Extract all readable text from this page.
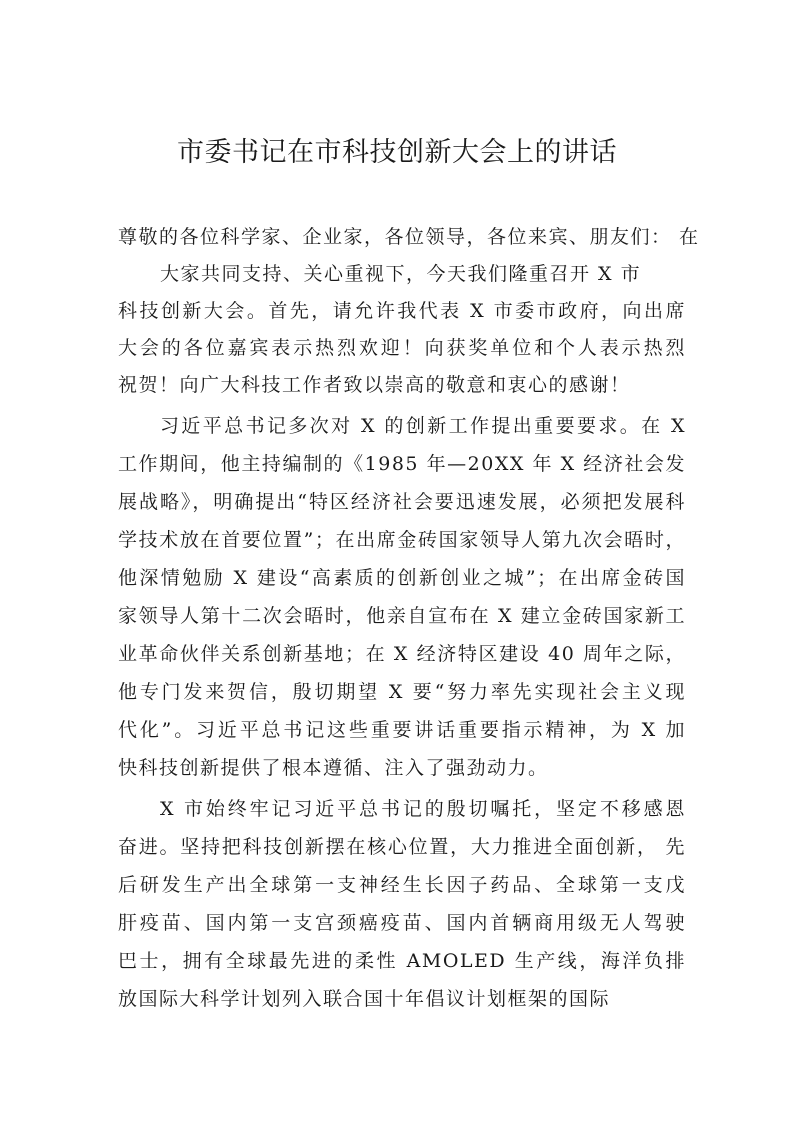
市委书记在市科技创新大会上的讲话
尊敬的各位科学家、企业家，各位领导，各位来宾、朋友们： 在
大家共同支持、关心重视下，今天我们隆重召开 X 市
科技创新大会。首先，请允许我代表 X 市委市政府，向出席
大会的各位嘉宾表示热烈欢迎！向获奖单位和个人表示热烈
祝贺！向广大科技工作者致以崇高的敬意和衷心的感谢！
习近平总书记多次对 X 的创新工作提出重要要求。在 X
工作期间，他主持编制的《1985 年—20XX 年 X 经济社会发
展战略》，明确提出“特区经济社会要迅速发展，必须把发展科
学技术放在首要位置”；在出席金砖国家领导人第九次会晤时，
他深情勉励 X 建设“高素质的创新创业之城”；在出席金砖国
家领导人第十二次会晤时，他亲自宣布在 X 建立金砖国家新工
业革命伙伴关系创新基地；在 X 经济特区建设 40 周年之际，
他专门发来贺信，殷切期望 X 要“努力率先实现社会主义现
代化”。习近平总书记这些重要讲话重要指示精神，为 X 加
快科技创新提供了根本遵循、注入了强劲动力。
X 市始终牢记习近平总书记的殷切嘱托，坚定不移感恩
奋进。坚持把科技创新摆在核心位置，大力推进全面创新， 先
后研发生产出全球第一支神经生长因子药品、全球第一支戊
肝疫苗、国内第一支宫颈癌疫苗、国内首辆商用级无人驾驶
巴士，拥有全球最先进的柔性 AMOLED 生产线，海洋负排
放国际大科学计划列入联合国十年倡议计划框架的国际
